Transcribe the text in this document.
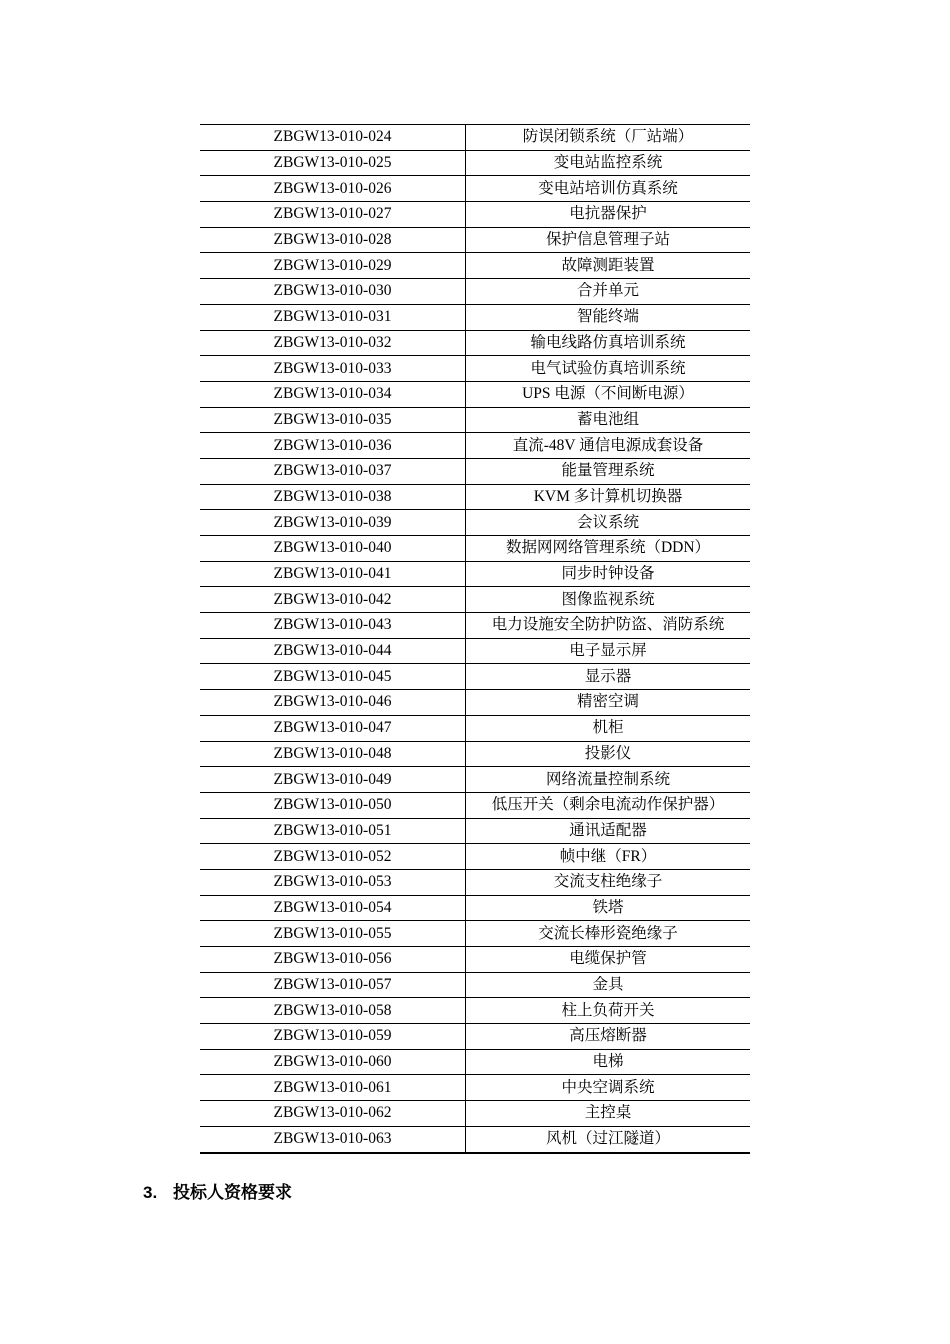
ZBGW13-010-024	防误闭锁系统（厂站端）
ZBGW13-010-025	变电站监控系统
ZBGW13-010-026	变电站培训仿真系统
ZBGW13-010-027	电抗器保护
ZBGW13-010-028	保护信息管理子站
ZBGW13-010-029	故障测距装置
ZBGW13-010-030	合并单元
ZBGW13-010-031	智能终端
ZBGW13-010-032	输电线路仿真培训系统
ZBGW13-010-033	电气试验仿真培训系统
ZBGW13-010-034	UPS 电源（不间断电源）
ZBGW13-010-035	蓄电池组
ZBGW13-010-036	直流-48V 通信电源成套设备
ZBGW13-010-037	能量管理系统
ZBGW13-010-038	KVM 多计算机切换器
ZBGW13-010-039	会议系统
ZBGW13-010-040	数据网网络管理系统（DDN）
ZBGW13-010-041	同步时钟设备
ZBGW13-010-042	图像监视系统
ZBGW13-010-043	电力设施安全防护防盗、消防系统
ZBGW13-010-044	电子显示屏
ZBGW13-010-045	显示器
ZBGW13-010-046	精密空调
ZBGW13-010-047	机柜
ZBGW13-010-048	投影仪
ZBGW13-010-049	网络流量控制系统
ZBGW13-010-050	低压开关（剩余电流动作保护器）
ZBGW13-010-051	通讯适配器
ZBGW13-010-052	帧中继（FR）
ZBGW13-010-053	交流支柱绝缘子
ZBGW13-010-054	铁塔
ZBGW13-010-055	交流长棒形瓷绝缘子
ZBGW13-010-056	电缆保护管
ZBGW13-010-057	金具
ZBGW13-010-058	柱上负荷开关
ZBGW13-010-059	高压熔断器
ZBGW13-010-060	电梯
ZBGW13-010-061	中央空调系统
ZBGW13-010-062	主控桌
ZBGW13-010-063	风机（过江隧道）
3. 投标人资格要求
